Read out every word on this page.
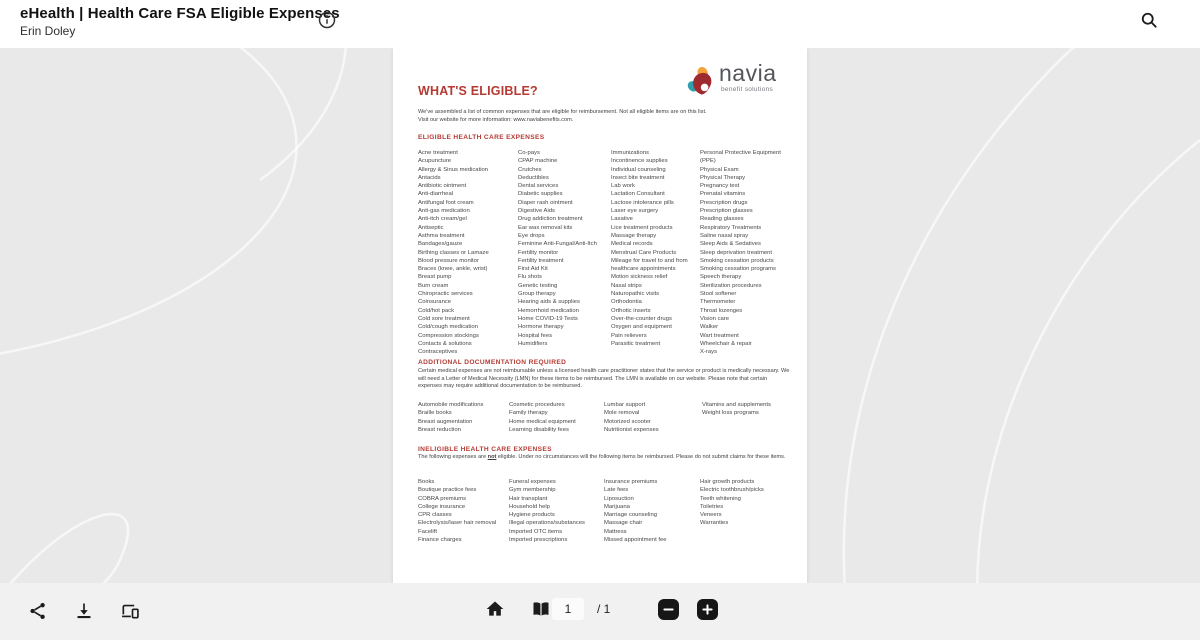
eHealth | Health Care FSA Eligible Expenses
Erin Doley
WHAT'S ELIGIBLE?
navia
benefit solutions

We've assembled a list of common expenses that are eligible for reimbursement. Not all eligible items are on this list. Visit our website for more information: www.naviabenefits.com.

ELIGIBLE HEALTH CARE EXPENSES
Acne treatment
Acupuncture
Allergy & Sinus medication
Antacids
Antibiotic ointment
Anti-diarrheal
Antifungal foot cream
Anti-gas medication
Anti-itch cream/gel
Antiseptic
Asthma treatment
Bandages/gauze
Birthing classes or Lamaze
Blood pressure monitor
Braces (knee, ankle, wrist)
Breast pump
Burn cream
Chiropractic services
Coinsurance
Cold/hot pack
Cold sore treatment
Cold/cough medication
Compression stockings
Contacts & solutions
Contraceptives
Co-pays
CPAP machine
Crutches
Deductibles
Dental services
Diabetic supplies
Diaper rash ointment
Digestive Aids
Drug addiction treatment
Ear wax removal kits
Eye drops
Feminine Anti-Fungal/Anti-Itch
Fertility monitor
Fertility treatment
First Aid Kit
Flu shots
Genetic testing
Group therapy
Hearing aids & supplies
Hemorrhoid medication
Home COVID-19 Tests
Hormone therapy
Hospital fees
Humidifiers
Immunizations
Incontinence supplies
Individual counseling
Insect bite treatment
Lab work
Lactation Consultant
Lactose intolerance pills
Laser eye surgery
Laxative
Lice treatment products
Massage therapy
Medical records
Menstrual Care Products
Mileage for travel to and from healthcare appointments
Motion sickness relief
Nasal strips
Naturopathic visits
Orthodontia
Orthotic inserts
Over-the-counter drugs
Oxygen and equipment
Pain relievers
Parasitic treatment
Personal Protective Equipment (PPE)
Physical Exam
Physical Therapy
Pregnancy test
Prenatal vitamins
Prescription drugs
Prescription glasses
Reading glasses
Respiratory Treatments
Saline nasal spray
Sleep Aids & Sedatives
Sleep deprivation treatment
Smoking cessation products
Smoking cessation programs
Speech therapy
Sterilization procedures
Stool softener
Thermometer
Throat lozenges
Vision care
Walker
Wart treatment
Wheelchair & repair
X-rays
ADDITIONAL DOCUMENTATION REQUIRED

Certain medical expenses are not reimbursable unless a licensed health care practitioner states that the service or product is medically necessary. We will need a Letter of Medical Necessity (LMN) for these items to be reimbursed. The LMN is available on our website. Please note that certain expenses may require additional documentation to be reimbursed.

Automobile modifications
Braille books
Breast augmentation
Breast reduction
Cosmetic procedures
Family therapy
Home medical equipment
Learning disability fees
Lumbar support
Mole removal
Motorized scooter
Nutritionist expenses
Vitamins and supplements
Weight loss programs
INELIGIBLE HEALTH CARE EXPENSES

The following expenses are not eligible. Under no circumstances will the following items be reimbursed. Please do not submit claims for these items.

Books
Boutique practice fees
COBRA premiums
College insurance
CPR classes
Electrolysis/laser hair removal
Facelift
Finance charges
Funeral expenses
Gym membership
Hair transplant
Household help
Hygiene products
Illegal operations/substances
Imported OTC items
Imported prescriptions
Insurance premiums
Late fees
Liposuction
Marijuana
Marriage counseling
Massage chair
Mattress
Missed appointment fee
Hair growth products
Electric toothbrush/picks
Teeth whitening
Toiletries
Veneers
Warranties
1
/ 1
